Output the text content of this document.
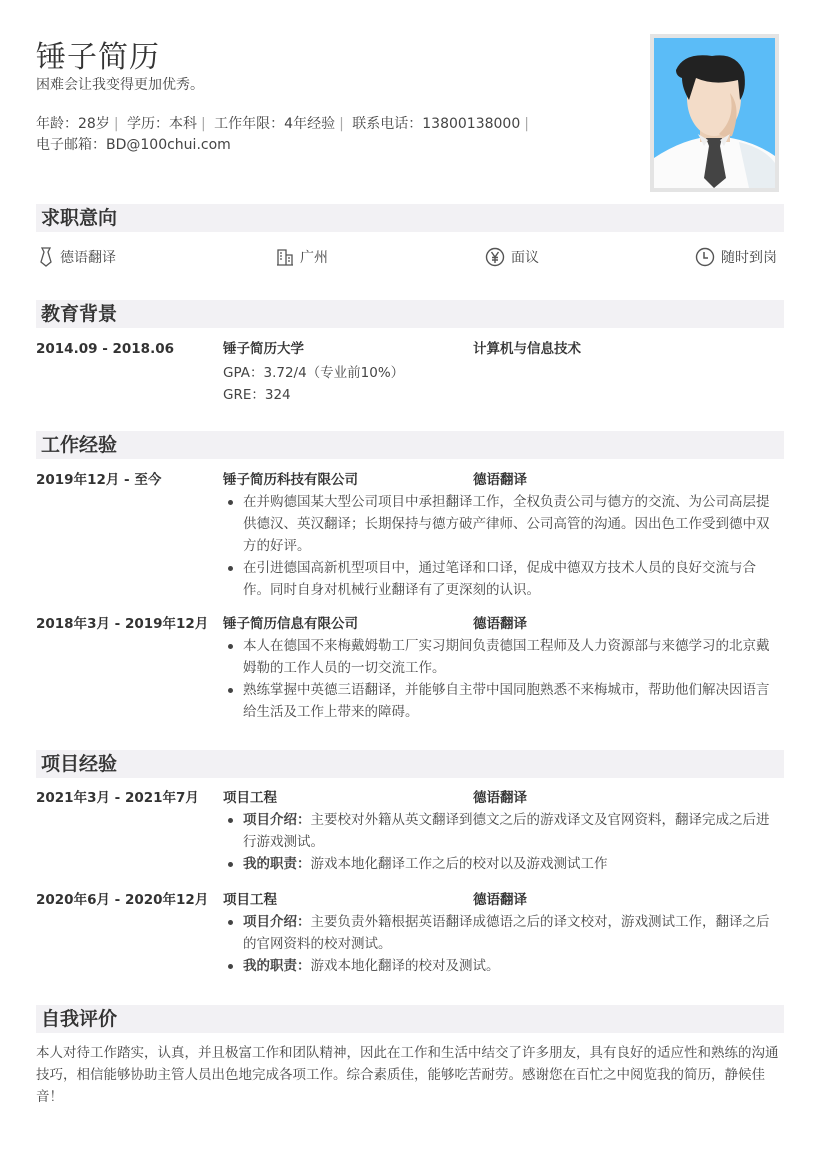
锤子简历
困难会让我变得更加优秀。
年龄：28岁 | 学历：本科 | 工作年限：4年经验 | 联系电话：13800138000 |
电子邮箱：BD@100chui.com
求职意向
德语翻译	广州	面议	随时到岗
教育背景
2014.09 - 2018.06	锤子简历大学	计算机与信息技术
GPA：3.72/4（专业前10%）
GRE：324
工作经验
2019年12月 - 至今	锤子简历科技有限公司	德语翻译
在并购德国某大型公司项目中承担翻译工作，全权负责公司与德方的交流、为公司高层提供德汉、英汉翻译；长期保持与德方破产律师、公司高管的沟通。因出色工作受到德中双方的好评。
在引进德国高新机型项目中，通过笔译和口译，促成中德双方技术人员的良好交流与合作。同时自身对机械行业翻译有了更深刻的认识。
2018年3月 - 2019年12月	锤子简历信息有限公司	德语翻译
本人在德国不来梅戴姆勒工厂实习期间负责德国工程师及人力资源部与来德学习的北京戴姆勒的工作人员的一切交流工作。
熟练掌握中英德三语翻译，并能够自主带中国同胞熟悉不来梅城市，帮助他们解决因语言给生活及工作上带来的障碍。
项目经验
2021年3月 - 2021年7月	项目工程	德语翻译
项目介绍：主要校对外籍从英文翻译到德文之后的游戏译文及官网资料，翻译完成之后进行游戏测试。
我的职责：游戏本地化翻译工作之后的校对以及游戏测试工作
2020年6月 - 2020年12月	项目工程	德语翻译
项目介绍：主要负责外籍根据英语翻译成德语之后的译文校对，游戏测试工作，翻译之后的官网资料的校对测试。
我的职责：游戏本地化翻译的校对及测试。
自我评价
本人对待工作踏实，认真，并且极富工作和团队精神，因此在工作和生活中结交了许多朋友，具有良好的适应性和熟练的沟通技巧，相信能够协助主管人员出色地完成各项工作。综合素质佳，能够吃苦耐劳。感谢您在百忙之中阅览我的简历，静候佳音！
